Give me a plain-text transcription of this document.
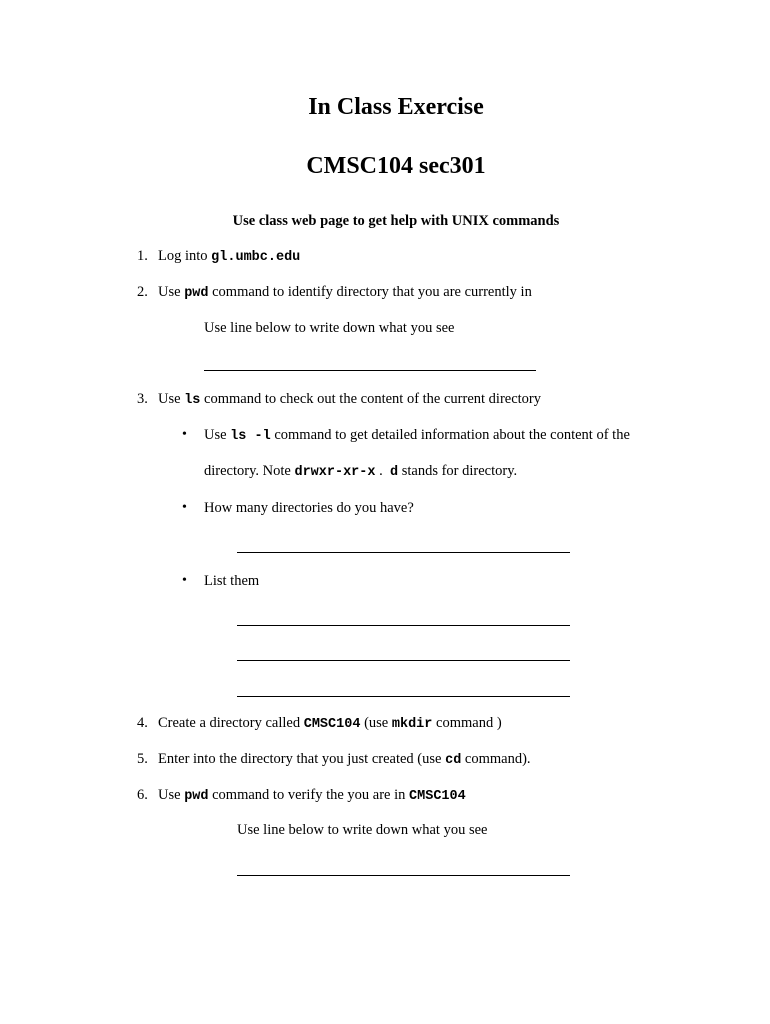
In Class Exercise
CMSC104 sec301
Use class web page to get help with UNIX commands
1. Log into gl.umbc.edu
2. Use pwd command to identify directory that you are currently in
Use line below to write down what you see
3. Use ls command to check out the content of the current directory
• Use ls -l command to get detailed information about the content of the
directory. Note drwxr-xr-x .  d stands for directory.
• How many directories do you have?
• List them
4. Create a directory called CMSC104 (use mkdir command )
5. Enter into the directory that you just created (use cd command).
6. Use pwd command to verify the you are in CMSC104
Use line below to write down what you see
